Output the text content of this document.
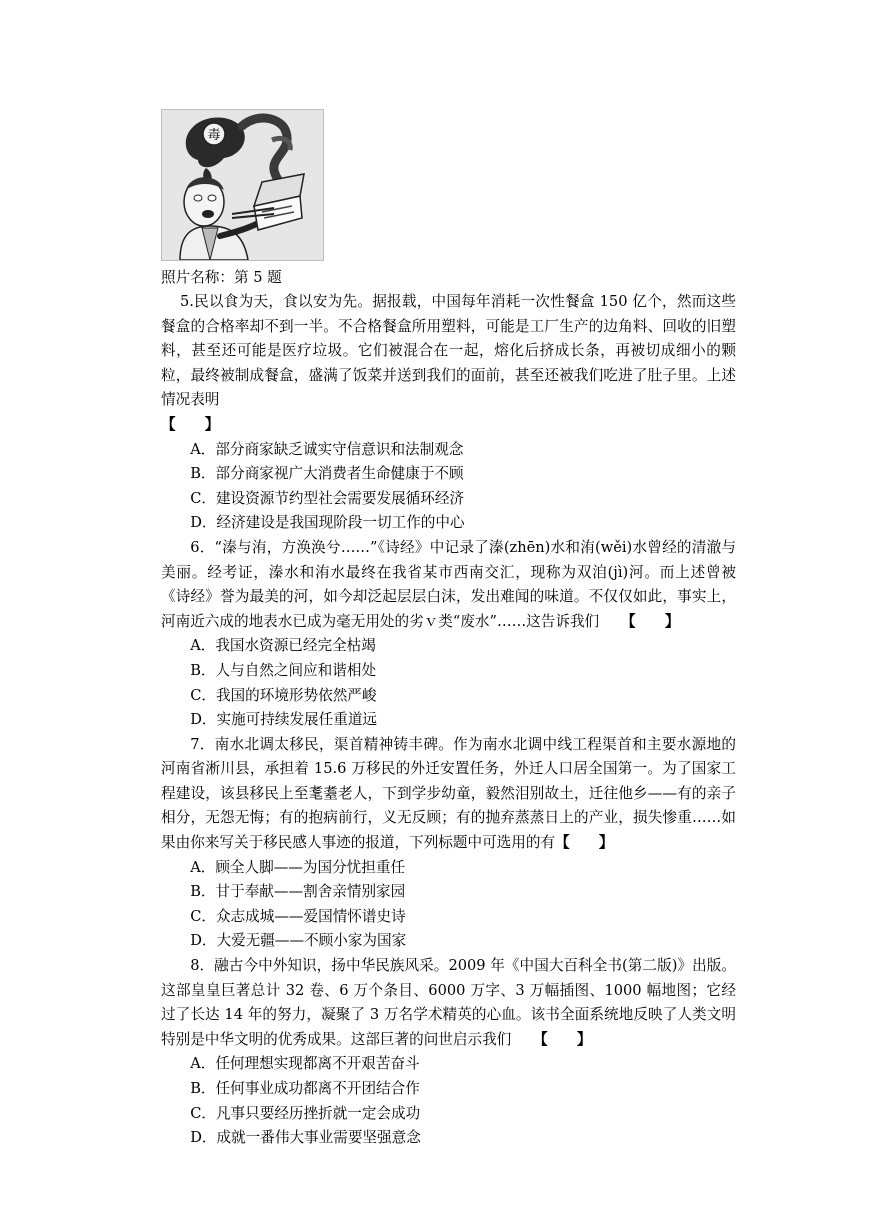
毒
照片名称：第 5 题

5.民以食为天，食以安为先。据报载，中国每年消耗一次性餐盒 150 亿个，然而这些餐盒的合格率却不到一半。不合格餐盒所用塑料，可能是工厂生产的边角料、回收的旧塑料，甚至还可能是医疗垃圾。它们被混合在一起，熔化后挤成长条，再被切成细小的颗粒，最终被制成餐盒，盛满了饭菜并送到我们的面前，甚至还被我们吃进了肚子里。上述情况表明
【　　】

A．部分商家缺乏诚实守信意识和法制观念

B．部分商家视广大消费者生命健康于不顾

C．建设资源节约型社会需要发展循环经济

D．经济建设是我国现阶段一切工作的中心

6．“溱与洧，方涣涣兮……”《诗经》中记录了溱(zhēn)水和洧(wěi)水曾经的清澈与美丽。经考证，溱水和洧水最终在我省某市西南交汇，现称为双洎(jì)河。而上述曾被《诗经》誉为最美的河，如今却泛起层层白沫，发出难闻的味道。不仅仅如此，事实上，河南近六成的地表水已成为毫无用处的劣ｖ类“废水”……这告诉我们　　【　　】

A．我国水资源已经完全枯竭

B．人与自然之间应和谐相处

C．我国的环境形势依然严峻

D．实施可持续发展任重道远

7．南水北调太移民，渠首精神铸丰碑。作为南水北调中线工程渠首和主要水源地的河南省淅川县，承担着 15.6 万移民的外迁安置任务，外迁人口居全国第一。为了国家工程建设，该县移民上至耄耋老人，下到学步幼童，毅然泪别故土，迁往他乡——有的亲子相分，无怨无悔；有的抱病前行，义无反顾；有的抛弃蒸蒸日上的产业，损失惨重……如果由你来写关于移民感人事迹的报道，下列标题中可选用的有【　　】

A．顾全人脚——为国分忧担重任

B．甘于奉献——割舍亲情别家园

C．众志成城——爱国情怀谱史诗

D．大爱无疆——不顾小家为国家

8．融古今中外知识，扬中华民族风采。2009 年《中国大百科全书(第二版)》出版。这部皇皇巨著总计 32 卷、6 万个条目、6000 万字、3 万幅插图、1000 幅地图；它经过了长达 14 年的努力，凝聚了 3 万名学术精英的心血。该书全面系统地反映了人类文明特别是中华文明的优秀成果。这部巨著的问世启示我们　　【　　】

A．任何理想实现都离不开艰苦奋斗

B．任何事业成功都离不开团结合作

C．凡事只要经历挫折就一定会成功

D．成就一番伟大事业需要坚强意念
